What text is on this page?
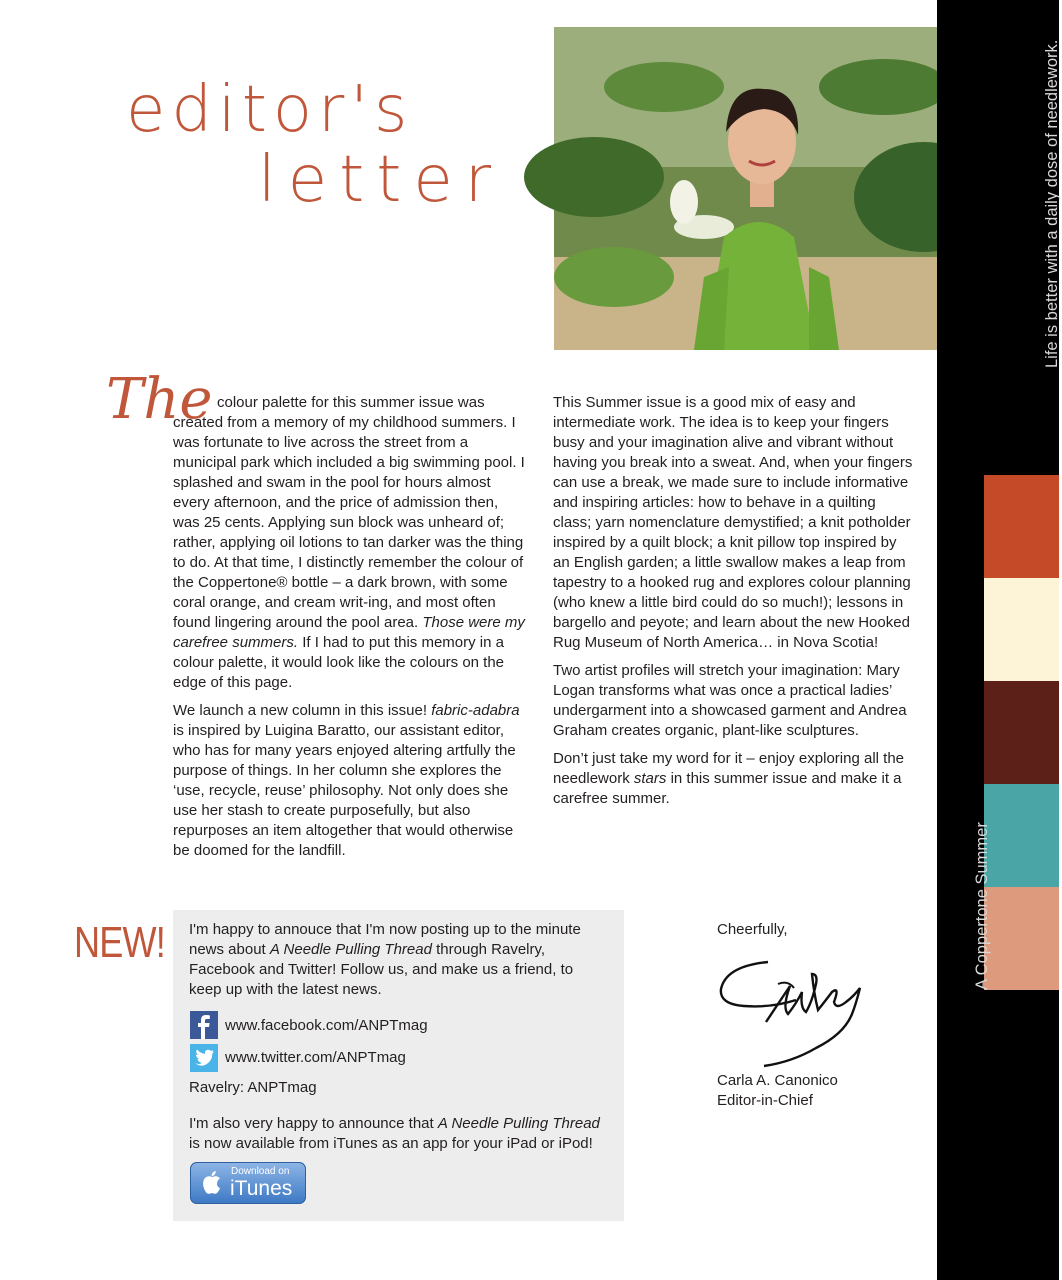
editor's
letter	Life is better with a daily dose of needlework.
A Coppertone Summer
The colour palette for this summer issue was created from a memory of my childhood summers. I was fortunate to live across the street from a municipal park which included a big swimming pool. I splashed and swam in the pool for hours almost every afternoon, and the price of admission then, was 25 cents. Applying sun block was unheard of; rather, applying oil lotions to tan darker was the thing to do. At that time, I distinctly remember the colour of the Coppertone® bottle – a dark brown, with some coral orange, and cream writ-ing, and most often found lingering around the pool area. Those were my carefree summers. If I had to put this memory in a colour palette, it would look like the colours on the edge of this page.

We launch a new column in this issue! fabric-adabra is inspired by Luigina Baratto, our assistant editor, who has for many years enjoyed altering artfully the purpose of things. In her column she explores the ‘use, recycle, reuse’ philosophy. Not only does she use her stash to create purposefully, but also repurposes an item altogether that would otherwise be doomed for the landfill.

This Summer issue is a good mix of easy and intermediate work. The idea is to keep your fingers busy and your imagination alive and vibrant without having you break into a sweat. And, when your fingers can use a break, we made sure to include informative and inspiring articles: how to behave in a quilting class; yarn nomenclature demystified; a knit potholder inspired by a quilt block; a knit pillow top inspired by an English garden; a little swallow makes a leap from tapestry to a hooked rug and explores colour planning (who knew a little bird could do so much!); lessons in bargello and peyote; and learn about the new Hooked Rug Museum of North America… in Nova Scotia!

Two artist profiles will stretch your imagination: Mary Logan transforms what was once a practical ladies’ undergarment into a showcased garment and Andrea Graham creates organic, plant-like sculptures.

Don’t just take my word for it – enjoy exploring all the needlework stars in this summer issue and make it a carefree summer.

NEW! I'm happy to annouce that I'm now posting up to the minute news about A Needle Pulling Thread through Ravelry, Facebook and Twitter! Follow us, and make us a friend, to keep up with the latest news.
www.facebook.com/ANPTmag
www.twitter.com/ANPTmag
Ravelry: ANPTmag
I'm also very happy to announce that A Needle Pulling Thread is now available from iTunes as an app for your iPad or iPod!
Download on
iTunes
Cheerfully,
Carla A. Canonico
Editor-in-Chief
